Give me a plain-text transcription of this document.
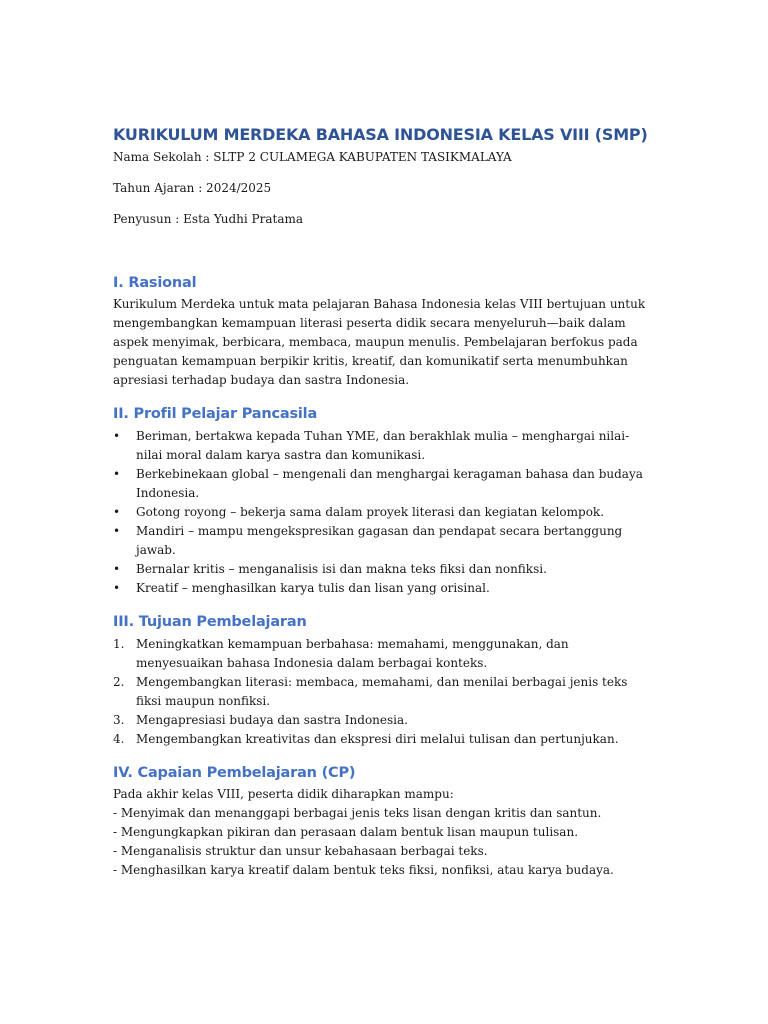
KURIKULUM MERDEKA BAHASA INDONESIA KELAS VIII (SMP)

Nama Sekolah : SLTP 2 CULAMEGA KABUPATEN TASIKMALAYA

Tahun Ajaran : 2024/2025

Penyusun : Esta Yudhi Pratama

I. Rasional

Kurikulum Merdeka untuk mata pelajaran Bahasa Indonesia kelas VIII bertujuan untuk mengembangkan kemampuan literasi peserta didik secara menyeluruh—baik dalam aspek menyimak, berbicara, membaca, maupun menulis. Pembelajaran berfokus pada penguatan kemampuan berpikir kritis, kreatif, dan komunikatif serta menumbuhkan apresiasi terhadap budaya dan sastra Indonesia.

II. Profil Pelajar Pancasila
• Beriman, bertakwa kepada Tuhan YME, dan berakhlak mulia – menghargai nilai-nilai moral dalam karya sastra dan komunikasi.
• Berkebinekaan global – mengenali dan menghargai keragaman bahasa dan budaya Indonesia.
• Gotong royong – bekerja sama dalam proyek literasi dan kegiatan kelompok.
• Mandiri – mampu mengekspresikan gagasan dan pendapat secara bertanggung jawab.
• Bernalar kritis – menganalisis isi dan makna teks fiksi dan nonfiksi.
• Kreatif – menghasilkan karya tulis dan lisan yang orisinal.
III. Tujuan Pembelajaran
1. Meningkatkan kemampuan berbahasa: memahami, menggunakan, dan menyesuaikan bahasa Indonesia dalam berbagai konteks.
2. Mengembangkan literasi: membaca, memahami, dan menilai berbagai jenis teks fiksi maupun nonfiksi.
3. Mengapresiasi budaya dan sastra Indonesia.
4. Mengembangkan kreativitas dan ekspresi diri melalui tulisan dan pertunjukan.
IV. Capaian Pembelajaran (CP)
Pada akhir kelas VIII, peserta didik diharapkan mampu:
- Menyimak dan menanggapi berbagai jenis teks lisan dengan kritis dan santun.
- Mengungkapkan pikiran dan perasaan dalam bentuk lisan maupun tulisan.
- Menganalisis struktur dan unsur kebahasaan berbagai teks.
- Menghasilkan karya kreatif dalam bentuk teks fiksi, nonfiksi, atau karya budaya.
